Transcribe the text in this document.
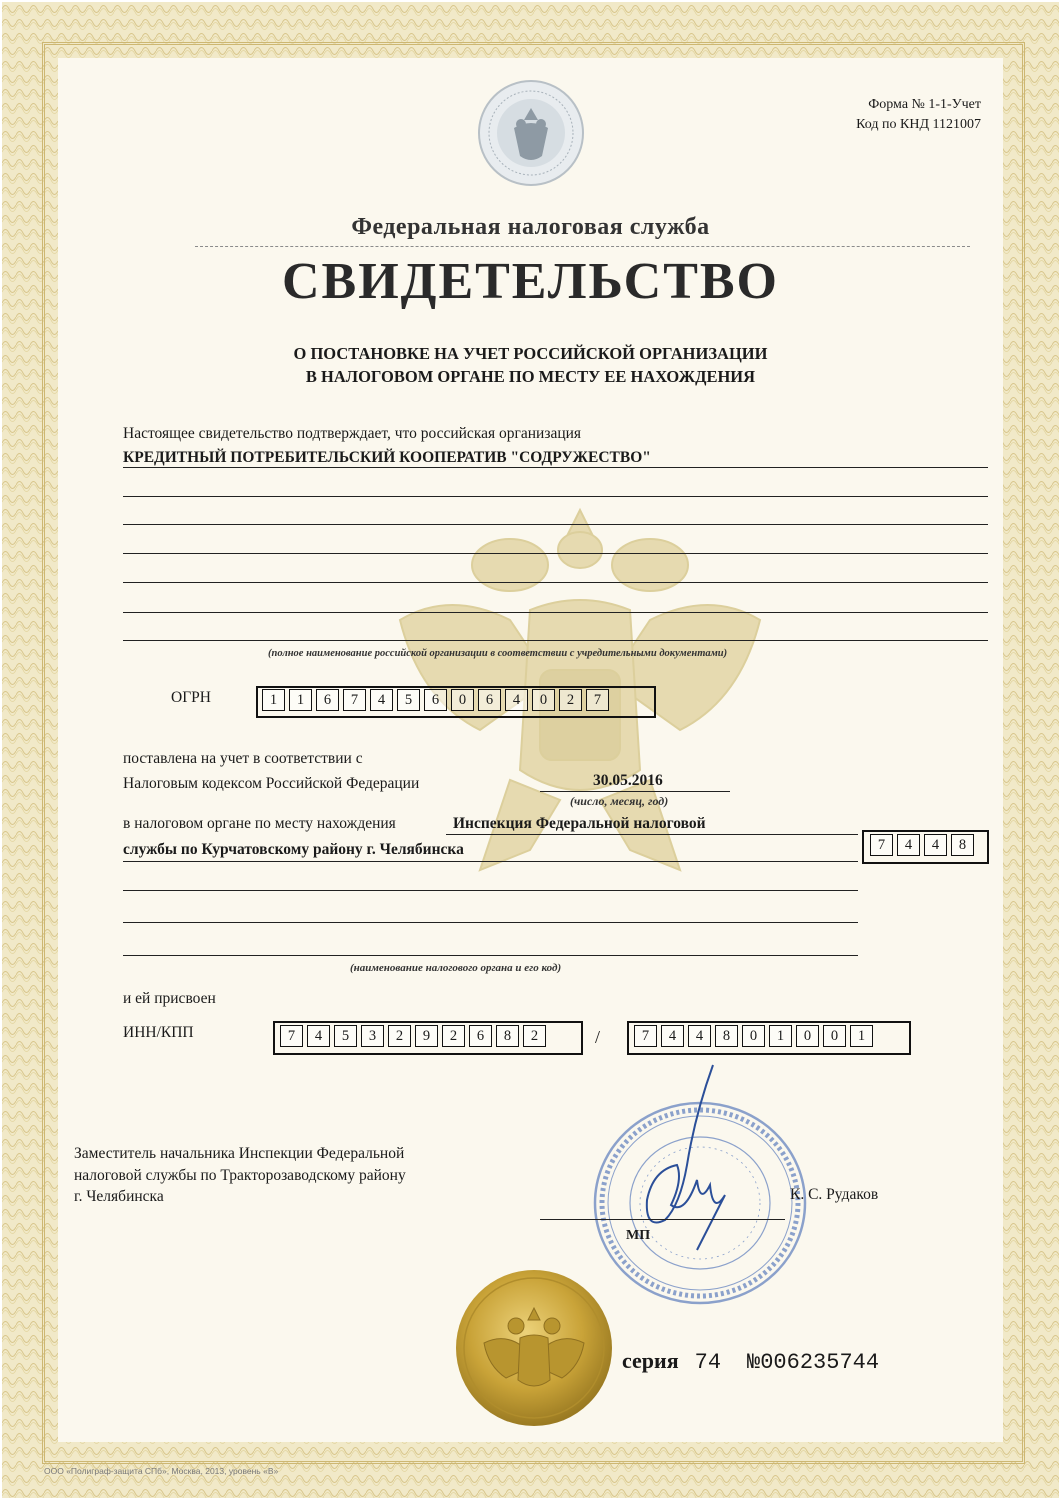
Форма № 1-1-Учет
Код по КНД 1121007
Федеральная налоговая служба
СВИДЕТЕЛЬСТВО
О ПОСТАНОВКЕ НА УЧЕТ РОССИЙСКОЙ ОРГАНИЗАЦИИ
В НАЛОГОВОМ ОРГАНЕ ПО МЕСТУ ЕЕ НАХОЖДЕНИЯ
Настоящее свидетельство подтверждает, что российская организация
КРЕДИТНЫЙ ПОТРЕБИТЕЛЬСКИЙ КООПЕРАТИВ "СОДРУЖЕСТВО"
(полное наименование российской организации в соответствии с учредительными документами)
ОГРН	1	1	6	7	4	5	6	0	6	4	0	2	7
поставлена на учет в соответствии с
Налоговым кодексом Российской Федерации	30.05.2016
(число, месяц, год)
в налоговом органе по месту нахождения	Инспекция Федеральной налоговой
службы по Курчатовскому району г. Челябинска	7	4	4	8
(наименование налогового органа и его код)
и ей присвоен
ИНН/КПП	7	4	5	3	2	9	2	6	8	2	/	7	4	4	8	0	1	0	0	1
Заместитель начальника Инспекции Федеральной
налоговой службы по Тракторозаводскому району
г. Челябинска	К. С. Рудаков
МП
серия 74 №006235744
ООО «Полиграф-защита СПб», Москва, 2013, уровень «В»
